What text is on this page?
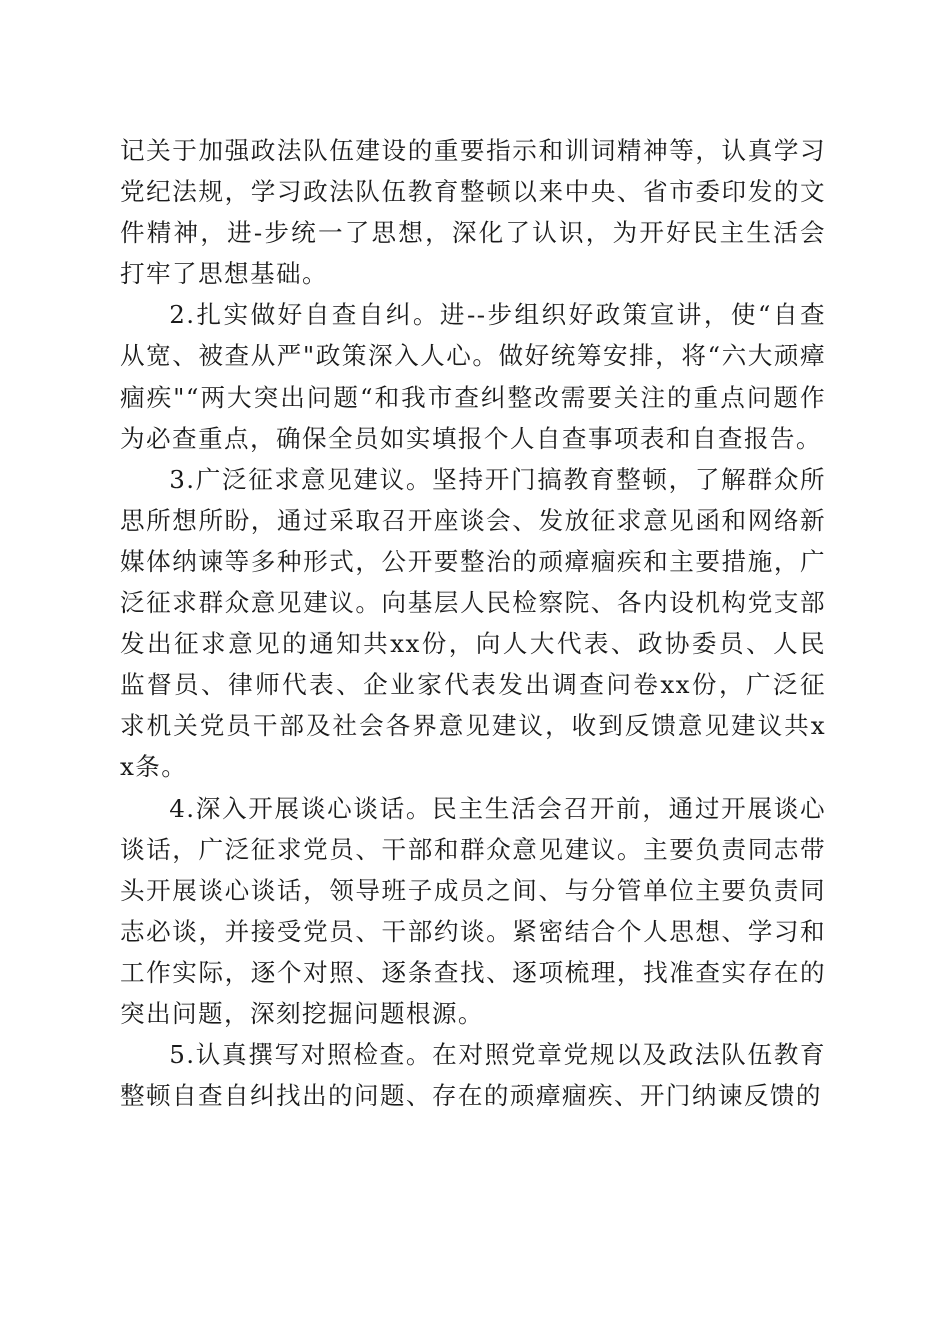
记关于加强政法队伍建设的重要指示和训词精神等，认真学习党纪法规，学习政法队伍教育整顿以来中央、省市委印发的文件精神，进-步统一了思想，深化了认识，为开好民主生活会打牢了思想基础。

2.扎实做好自查自纠。进--步组织好政策宣讲，使“自查从宽、被查从严"政策深入人心。做好统筹安排，将“六大顽瘴痼疾"“两大突出问题“和我市查纠整改需要关注的重点问题作为必查重点，确保全员如实填报个人自查事项表和自查报告。

3.广泛征求意见建议。坚持开门搞教育整顿，了解群众所思所想所盼，通过采取召开座谈会、发放征求意见函和网络新媒体纳谏等多种形式，公开要整治的顽瘴痼疾和主要措施，广泛征求群众意见建议。向基层人民检察院、各内设机构党支部发出征求意见的通知共xx份，向人大代表、政协委员、人民监督员、律师代表、企业家代表发出调查问卷xx份，广泛征求机关党员干部及社会各界意见建议，收到反馈意见建议共xx条。

4.深入开展谈心谈话。民主生活会召开前，通过开展谈心谈话，广泛征求党员、干部和群众意见建议。主要负责同志带头开展谈心谈话，领导班子成员之间、与分管单位主要负责同志必谈，并接受党员、干部约谈。紧密结合个人思想、学习和工作实际，逐个对照、逐条查找、逐项梳理，找准查实存在的突出问题，深刻挖掘问题根源。

5.认真撰写对照检查。在对照党章党规以及政法队伍教育整顿自查自纠找出的问题、存在的顽瘴痼疾、开门纳谏反馈的
